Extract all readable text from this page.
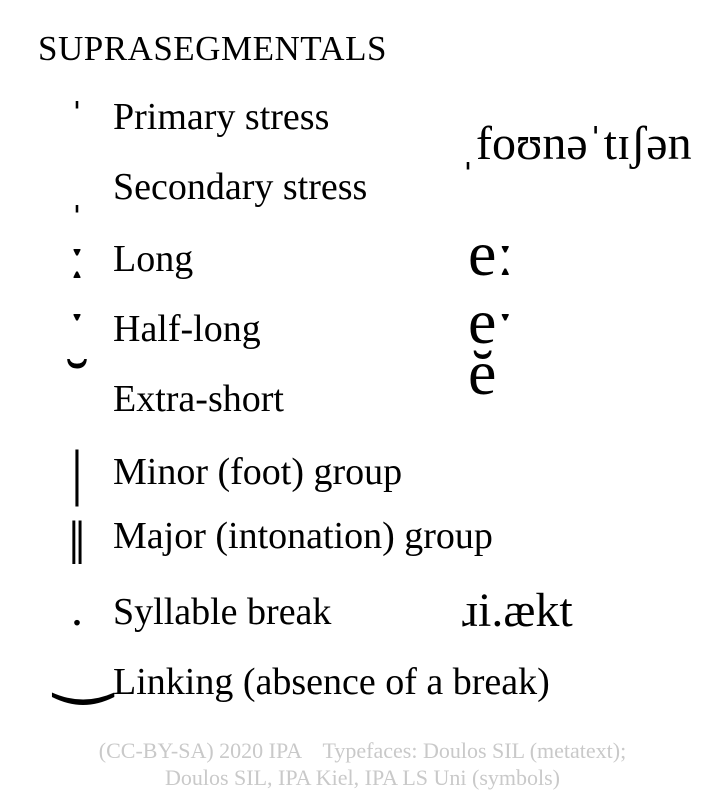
SUPRASEGMENTALS
ˈ Primary stress
ˌ Secondary stress
ː Long
ˑ Half-long
˘ Extra-short
| Minor (foot) group
‖ Major (intonation) group
. Syllable break
‿ Linking (absence of a break)
ˌfoʊnəˈtɪʃən
eː
eˑ
ĕ
ɹi.ækt
(CC-BY-SA) 2020 IPA    Typefaces: Doulos SIL (metatext);
Doulos SIL, IPA Kiel, IPA LS Uni (symbols)
